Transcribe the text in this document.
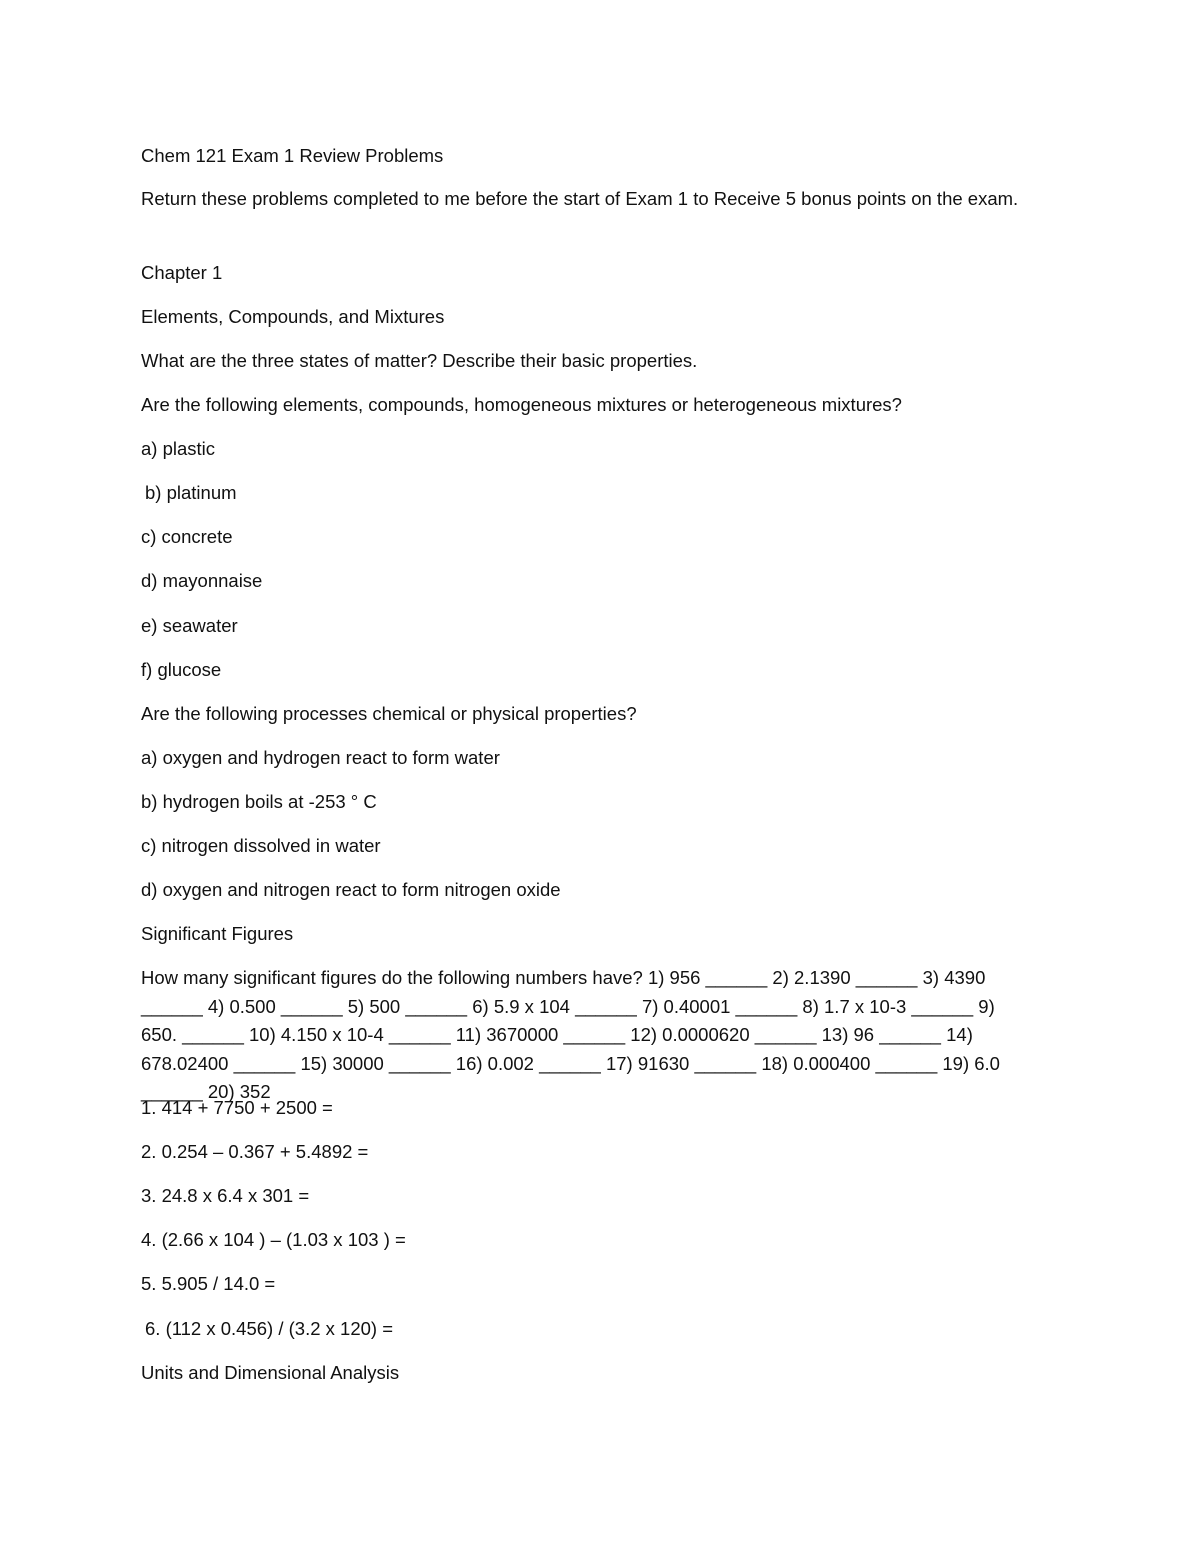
Chem 121 Exam 1 Review Problems
Return these problems completed to me before the start of Exam 1 to Receive 5 bonus points on the exam.
Chapter 1
Elements, Compounds, and Mixtures
What are the three states of matter? Describe their basic properties.
Are the following elements, compounds, homogeneous mixtures or heterogeneous mixtures?
a) plastic
b) platinum
c) concrete
d) mayonnaise
e) seawater
f) glucose
Are the following processes chemical or physical properties?
a) oxygen and hydrogen react to form water
b) hydrogen boils at -253 ° C
c) nitrogen dissolved in water
d) oxygen and nitrogen react to form nitrogen oxide
Significant Figures
How many significant figures do the following numbers have? 1) 956 ______ 2) 2.1390 ______ 3) 4390 ______ 4) 0.500 ______ 5) 500 ______ 6) 5.9 x 104 ______ 7) 0.40001 ______ 8) 1.7 x 10-3 ______ 9) 650. ______ 10) 4.150 x 10-4 ______ 11) 3670000 ______ 12) 0.0000620 ______ 13) 96 ______ 14) 678.02400 ______ 15) 30000 ______ 16) 0.002 ______ 17) 91630 ______ 18) 0.000400 ______ 19) 6.0 ______ 20) 352
1. 414 + 7750 + 2500 =
2. 0.254 – 0.367 + 5.4892 =
3. 24.8 x 6.4 x 301 =
4. (2.66 x 104 ) – (1.03 x 103 ) =
5. 5.905 / 14.0 =
6. (112 x 0.456) / (3.2 x 120) =
Units and Dimensional Analysis
